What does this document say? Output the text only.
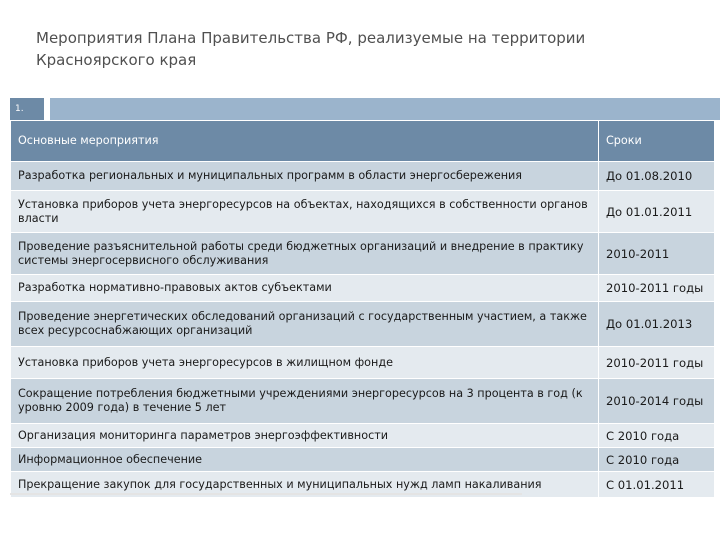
Мероприятия Плана Правительства РФ, реализуемые на территории Красноярского края
1.
Основные мероприятия	Сроки
Разработка региональных и муниципальных программ в области энергосбережения	До 01.08.2010
Установка приборов учета энергоресурсов на объектах, находящихся в собственности органов власти	До 01.01.2011
Проведение разъяснительной работы среди бюджетных организаций и внедрение в практику системы энергосервисного обслуживания	2010-2011
Разработка нормативно-правовых актов субъектами	2010-2011 годы
Проведение энергетических обследований организаций с государственным участием, а также всех ресурсоснабжающих организаций	До 01.01.2013
Установка приборов учета энергоресурсов в жилищном фонде	2010-2011 годы
Сокращение потребления бюджетными учреждениями энергоресурсов на 3 процента в год (к уровню 2009 года) в течение 5 лет	2010-2014 годы
Организация мониторинга параметров энергоэффективности	С 2010 года
Информационное обеспечение	С 2010 года
Прекращение закупок для государственных и муниципальных нужд ламп накаливания	С 01.01.2011
